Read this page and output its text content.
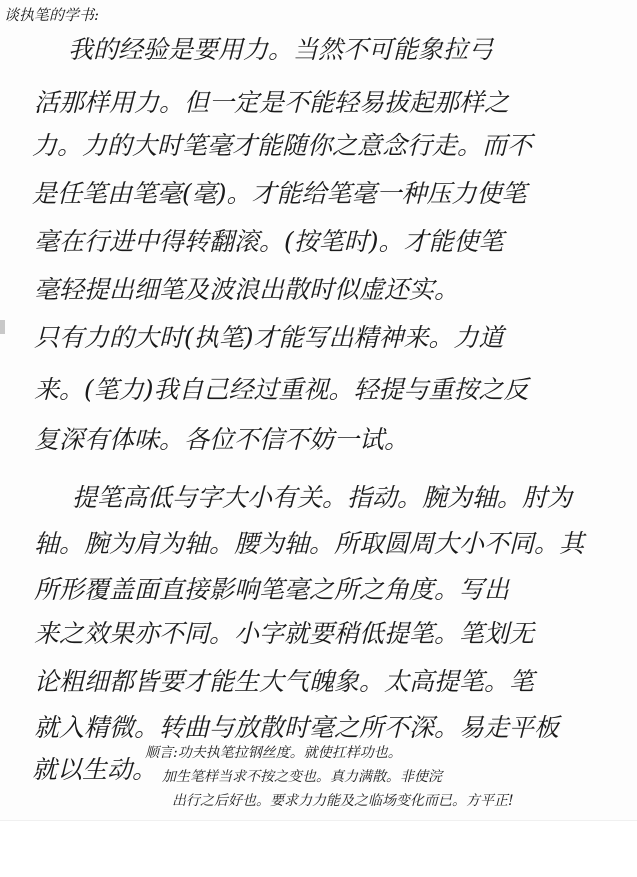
谈执笔的学书:
我的经验是要用力。当然不可能象拉弓
活那样用力。但一定是不能轻易拔起那样之
力。力的大时笔毫才能随你之意念行走。而不
是任笔由笔毫(毫)。才能给笔毫一种压力使笔
毫在行进中得转翻滚。(按笔时)。才能使笔
毫轻提出细笔及波浪出散时似虚还实。
只有力的大时(执笔)才能写出精神来。力道
来。(笔力)我自己经过重视。轻提与重按之反
复深有体味。各位不信不妨一试。
提笔高低与字大小有关。指动。腕为轴。肘为
轴。腕为肩为轴。腰为轴。所取圆周大小不同。其
所形覆盖面直接影响笔毫之所之角度。写出
来之效果亦不同。小字就要稍低提笔。笔划无
论粗细都皆要才能生大气魄象。太高提笔。笔
就入精微。转曲与放散时毫之所不深。易走平板
就以生动。
顺言:功夫执笔拉钢丝度。就使扛样功也。
加生笔样当求不按之变也。真力满散。非使浣
出行之后好也。要求力力能及之临场变化而已。方平正!
